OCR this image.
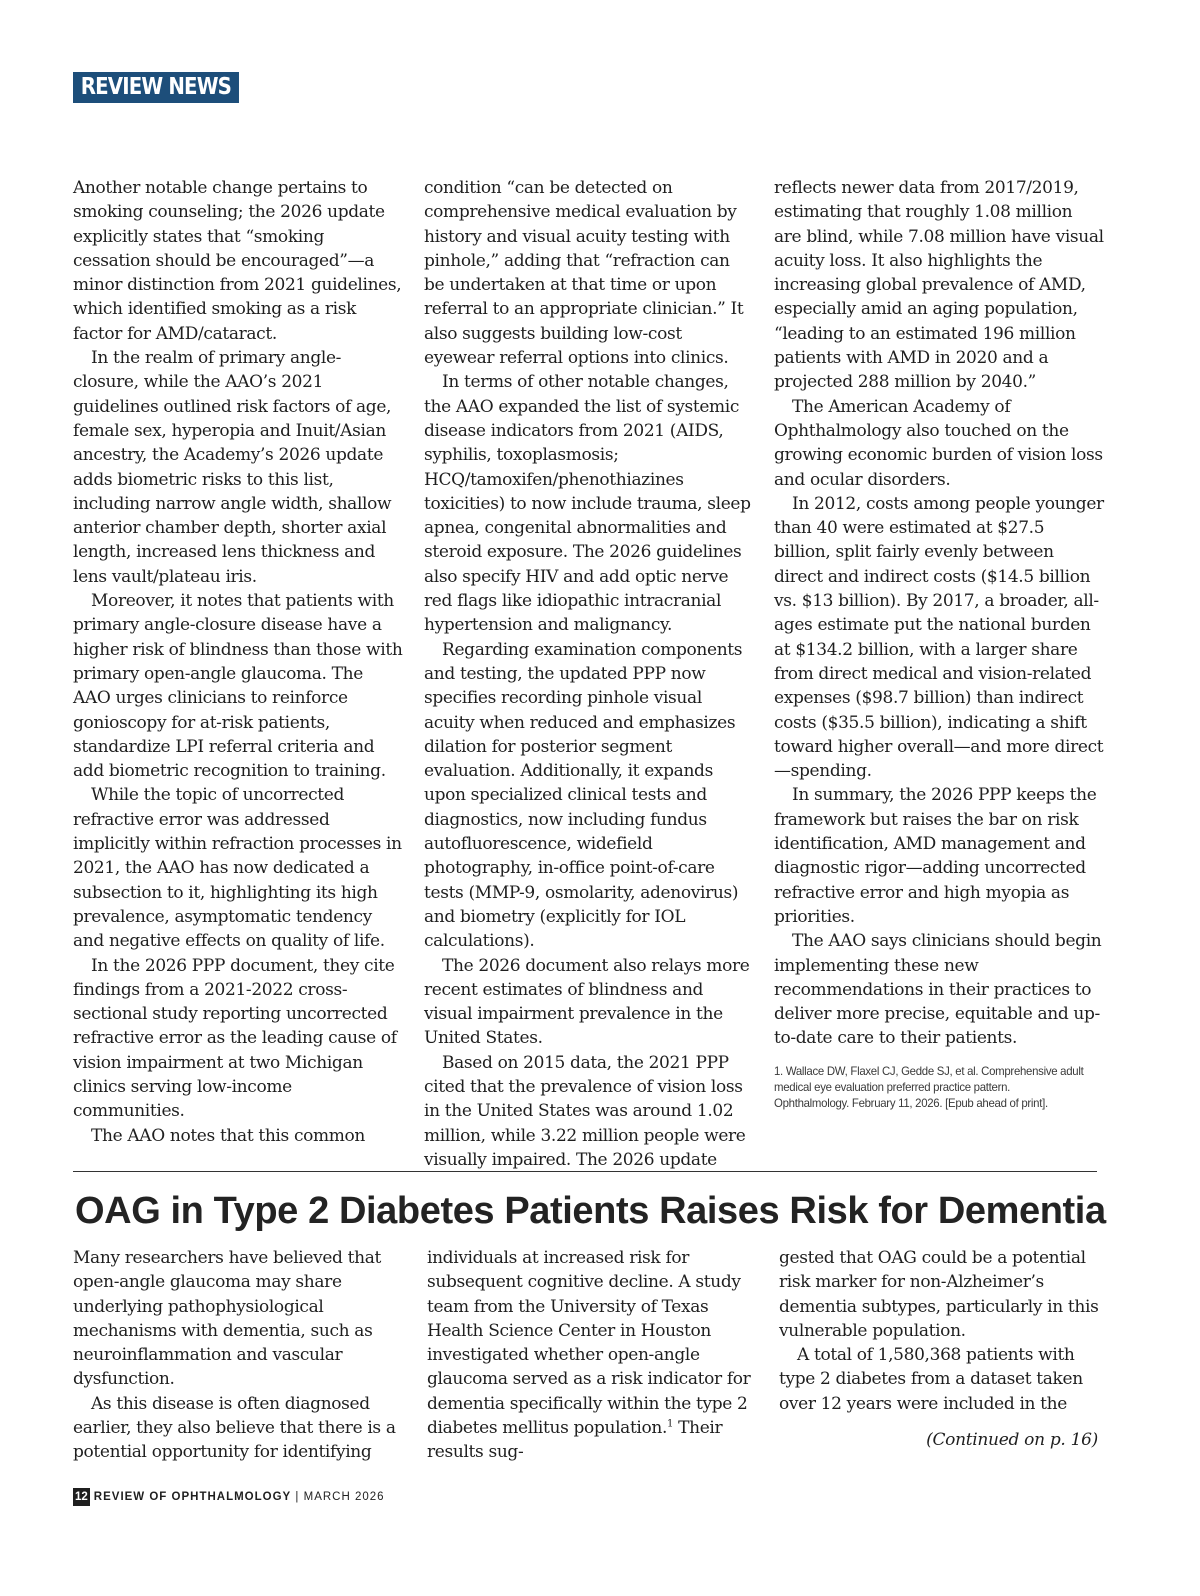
REVIEW NEWS

Another notable change pertains to smoking counseling; the 2026 update explicitly states that “smoking cessation should be encouraged”—a minor distinction from 2021 guidelines, which identified smoking as a risk factor for AMD/cataract.

In the realm of primary angle-closure, while the AAO’s 2021 guidelines outlined risk factors of age, female sex, hyperopia and Inuit/Asian ancestry, the Academy’s 2026 update adds biometric risks to this list, including narrow angle width, shallow anterior chamber depth, shorter axial length, increased lens thickness and lens vault/plateau iris.

Moreover, it notes that patients with primary angle-closure disease have a higher risk of blindness than those with primary open-angle glaucoma. The AAO urges clinicians to reinforce gonioscopy for at-risk patients, standardize LPI referral criteria and add biometric recognition to training.

While the topic of uncorrected refractive error was addressed implicitly within refraction processes in 2021, the AAO has now dedicated a subsection to it, highlighting its high prevalence, asymptomatic tendency and negative effects on quality of life.

In the 2026 PPP document, they cite findings from a 2021-2022 cross-sectional study reporting uncorrected refractive error as the leading cause of vision impairment at two Michigan clinics serving low-income communities.

The AAO notes that this common

condition “can be detected on comprehensive medical evaluation by history and visual acuity testing with pinhole,” adding that “refraction can be undertaken at that time or upon referral to an appropriate clinician.” It also suggests building low-cost eyewear referral options into clinics.

In terms of other notable changes, the AAO expanded the list of systemic disease indicators from 2021 (AIDS, syphilis, toxoplasmosis; HCQ/tamoxifen/phenothiazines toxicities) to now include trauma, sleep apnea, congenital abnormalities and steroid exposure. The 2026 guidelines also specify HIV and add optic nerve red flags like idiopathic intracranial hypertension and malignancy.

Regarding examination components and testing, the updated PPP now specifies recording pinhole visual acuity when reduced and emphasizes dilation for posterior segment evaluation. Additionally, it expands upon specialized clinical tests and diagnostics, now including fundus autofluorescence, widefield photography, in-office point-of-care tests (MMP-9, osmolarity, adenovirus) and biometry (explicitly for IOL calculations).

The 2026 document also relays more recent estimates of blindness and visual impairment prevalence in the United States.

Based on 2015 data, the 2021 PPP cited that the prevalence of vision loss in the United States was around 1.02 million, while 3.22 million people were visually impaired. The 2026 update

reflects newer data from 2017/2019, estimating that roughly 1.08 million are blind, while 7.08 million have visual acuity loss. It also highlights the increasing global prevalence of AMD, especially amid an aging population, “leading to an estimated 196 million patients with AMD in 2020 and a projected 288 million by 2040.”

The American Academy of Ophthalmology also touched on the growing economic burden of vision loss and ocular disorders.

In 2012, costs among people younger than 40 were estimated at $27.5 billion, split fairly evenly between direct and indirect costs ($14.5 billion vs. $13 billion). By 2017, a broader, all-ages estimate put the national burden at $134.2 billion, with a larger share from direct medical and vision-related expenses ($98.7 billion) than indirect costs ($35.5 billion), indicating a shift toward higher overall—and more direct—spending.

In summary, the 2026 PPP keeps the framework but raises the bar on risk identification, AMD management and diagnostic rigor—adding uncorrected refractive error and high myopia as priorities.

The AAO says clinicians should begin implementing these new recommendations in their practices to deliver more precise, equitable and up-to-date care to their patients.

1. Wallace DW, Flaxel CJ, Gedde SJ, et al. Comprehensive adult medical eye evaluation preferred practice pattern. Ophthalmology. February 11, 2026. [Epub ahead of print].
OAG in Type 2 Diabetes Patients Raises Risk for Dementia

Many researchers have believed that open-angle glaucoma may share underlying pathophysiological mechanisms with dementia, such as neuroinflammation and vascular dysfunction.

As this disease is often diagnosed earlier, they also believe that there is a potential opportunity for identifying

individuals at increased risk for subsequent cognitive decline. A study team from the University of Texas Health Science Center in Houston investigated whether open-angle glaucoma served as a risk indicator for dementia specifically within the type 2 diabetes mellitus population.$^1$ Their results sug-

gested that OAG could be a potential risk marker for non-Alzheimer’s dementia subtypes, particularly in this vulnerable population.

A total of 1,580,368 patients with type 2 diabetes from a dataset taken over 12 years were included in the

(Continued on p. 16)
12 REVIEW OF OPHTHALMOLOGY | MARCH 2026
